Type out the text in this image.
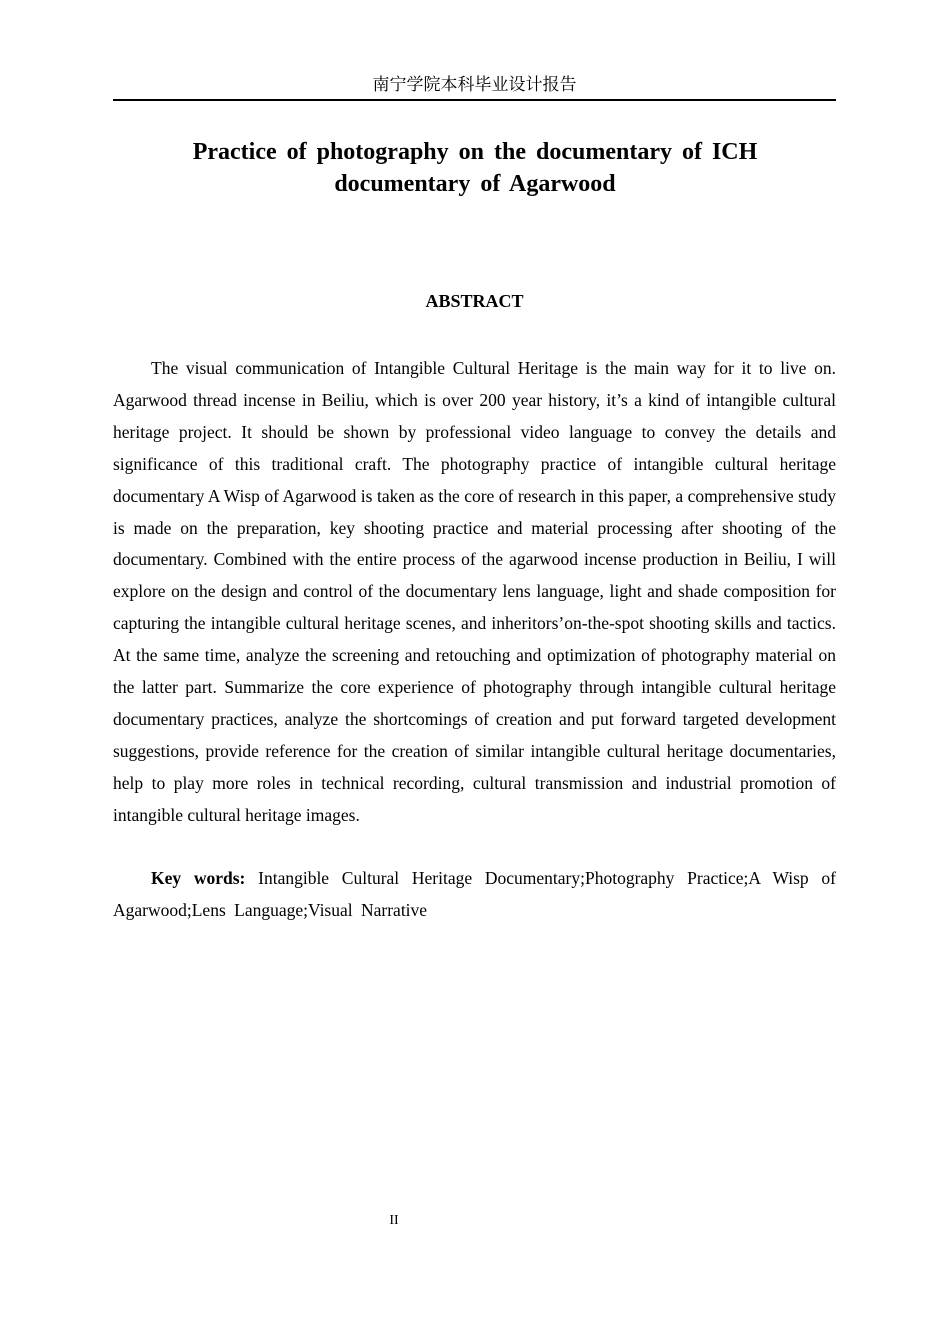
南宁学院本科毕业设计报告
Practice of photography on the documentary of ICH documentary of Agarwood
ABSTRACT

The visual communication of Intangible Cultural Heritage is the main way for it to live on. Agarwood thread incense in Beiliu, which is over 200 year history, it’s a kind of intangible cultural heritage project. It should be shown by professional video language to convey the details and significance of this traditional craft. The photography practice of intangible cultural heritage documentary A Wisp of Agarwood is taken as the core of research in this paper, a comprehensive study is made on the preparation, key shooting practice and material processing after shooting of the documentary. Combined with the entire process of the agarwood incense production in Beiliu, I will explore on the design and control of the documentary lens language, light and shade composition for capturing the intangible cultural heritage scenes, and inheritors’on-the-spot shooting skills and tactics. At the same time, analyze the screening and retouching and optimization of photography material on the latter part. Summarize the core experience of photography through intangible cultural heritage documentary practices, analyze the shortcomings of creation and put forward targeted development suggestions, provide reference for the creation of similar intangible cultural heritage documentaries, help to play more roles in technical recording, cultural transmission and industrial promotion of intangible cultural heritage images.

Key words: Intangible Cultural Heritage Documentary;Photography Practice;A Wisp of Agarwood;Lens Language;Visual Narrative

II
